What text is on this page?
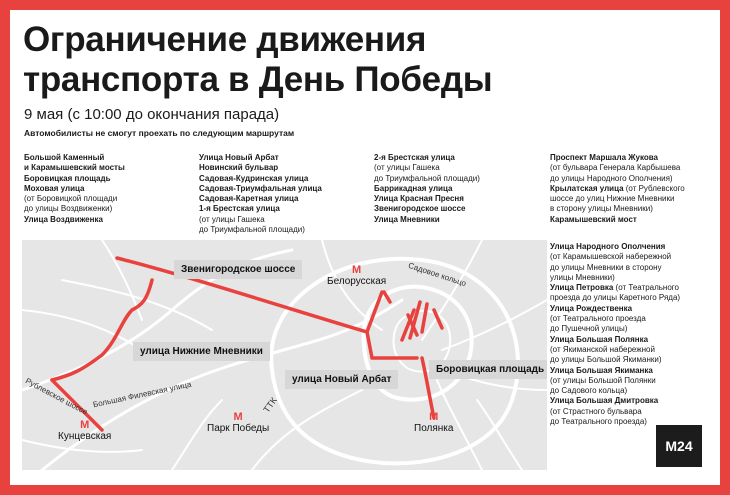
Ограничение движения
транспорта в День Победы
9 мая (с 10:00 до окончания парада)
Автомобилисты не смогут проехать по следующим маршрутам
Большой Каменный
и Карамышевский мосты
Боровицкая площадь
Моховая улица
(от Боровицкой площади
до улицы Воздвиженки)
Улица Воздвиженка
Улица Новый Арбат
Новинский бульвар
Садовая-Кудринская улица
Садовая-Триумфальная улица
Садовая-Каретная улица
1-я Брестская улица
(от улицы Гашека
до Триумфальной площади)
2-я Брестская улица
(от улицы Гашека
до Триумфальной площади)
Баррикадная улица
Улица Красная Пресня
Звенигородское шоссе
Улица Мневники
Проспект Маршала Жукова
(от бульвара Генерала Карбышева
до улицы Народного Ополчения)
Крылатская улица (от Рублевского
шоссе до улиц Нижние Мневники
в сторону улицы Мневники)
Карамышевский мост
Улица Народного Ополчения
(от Карамышевской набережной
до улицы Мневники в сторону
улицы Мневники)
Улица Петровка (от Театрального
проезда до улицы Каретного Ряда)
Улица Рождественка
(от Театрального проезда
до Пушечной улицы)
Улица Большая Полянка
(от Якиманской набережной
до улицы Большой Якиманки)
Улица Большая Якиманка
(от улицы Большой Полянки
до Садового кольца)
Улица Большая Дмитровка
(от Страстного бульвара
до Театрального проезда)
Звенигородское шоссе
улица Нижние Мневники
улица Новый Арбат
Боровицкая площадь
M
Белорусская
M
Кунцевская
M
Парк Победы
M
Полянка
Рублевское шоссе Большая Филевская улица	ТТК
Садовое кольцо
M24
